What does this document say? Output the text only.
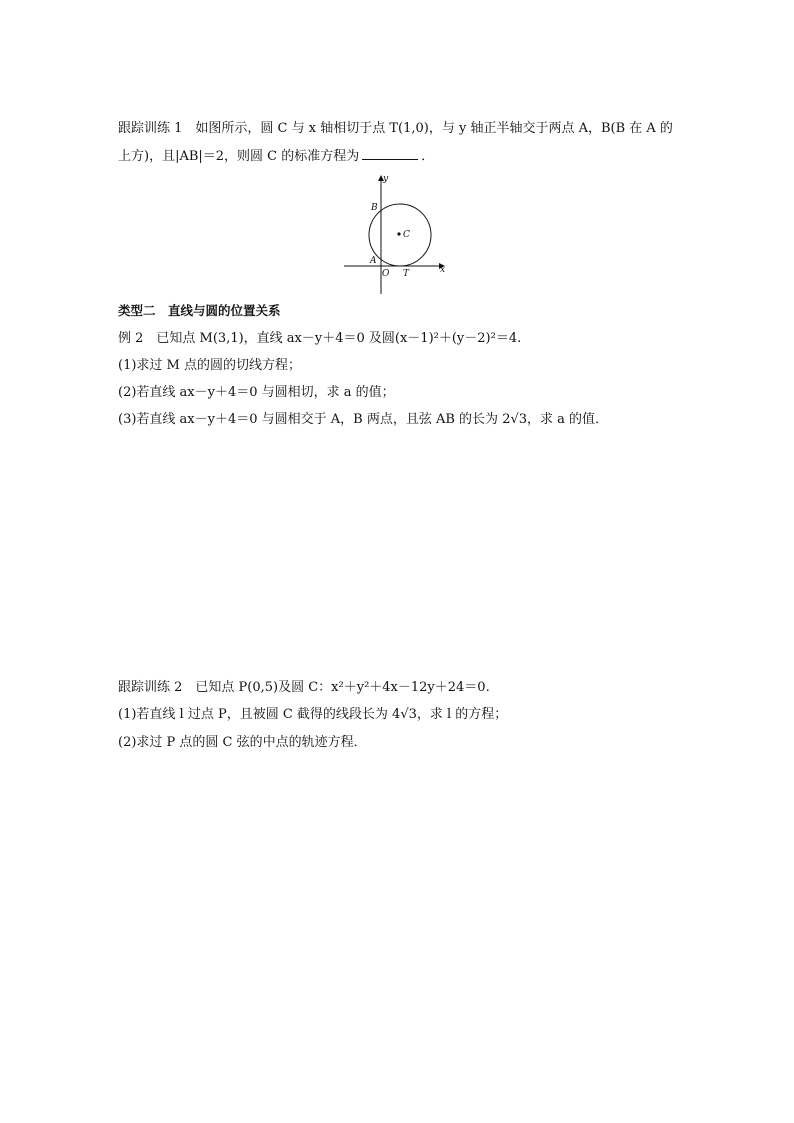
跟踪训练 1　如图所示，圆 C 与 x 轴相切于点 T(1,0)，与 y 轴正半轴交于两点 A，B(B 在 A 的
上方)，且|AB|＝2，则圆 C 的标准方程为	．
y
x
B
C
A
O T
类型二　直线与圆的位置关系
例 2　已知点 M(3,1)，直线 ax－y＋4＝0 及圆(x－1)²＋(y－2)²＝4.
(1)求过 M 点的圆的切线方程；
(2)若直线 ax－y＋4＝0 与圆相切，求 a 的值；
(3)若直线 ax－y＋4＝0 与圆相交于 A，B 两点，且弦 AB 的长为 2√3，求 a 的值．
跟踪训练 2　已知点 P(0,5)及圆 C：x²＋y²＋4x－12y＋24＝0.
(1)若直线 l 过点 P，且被圆 C 截得的线段长为 4√3，求 l 的方程；
(2)求过 P 点的圆 C 弦的中点的轨迹方程．
